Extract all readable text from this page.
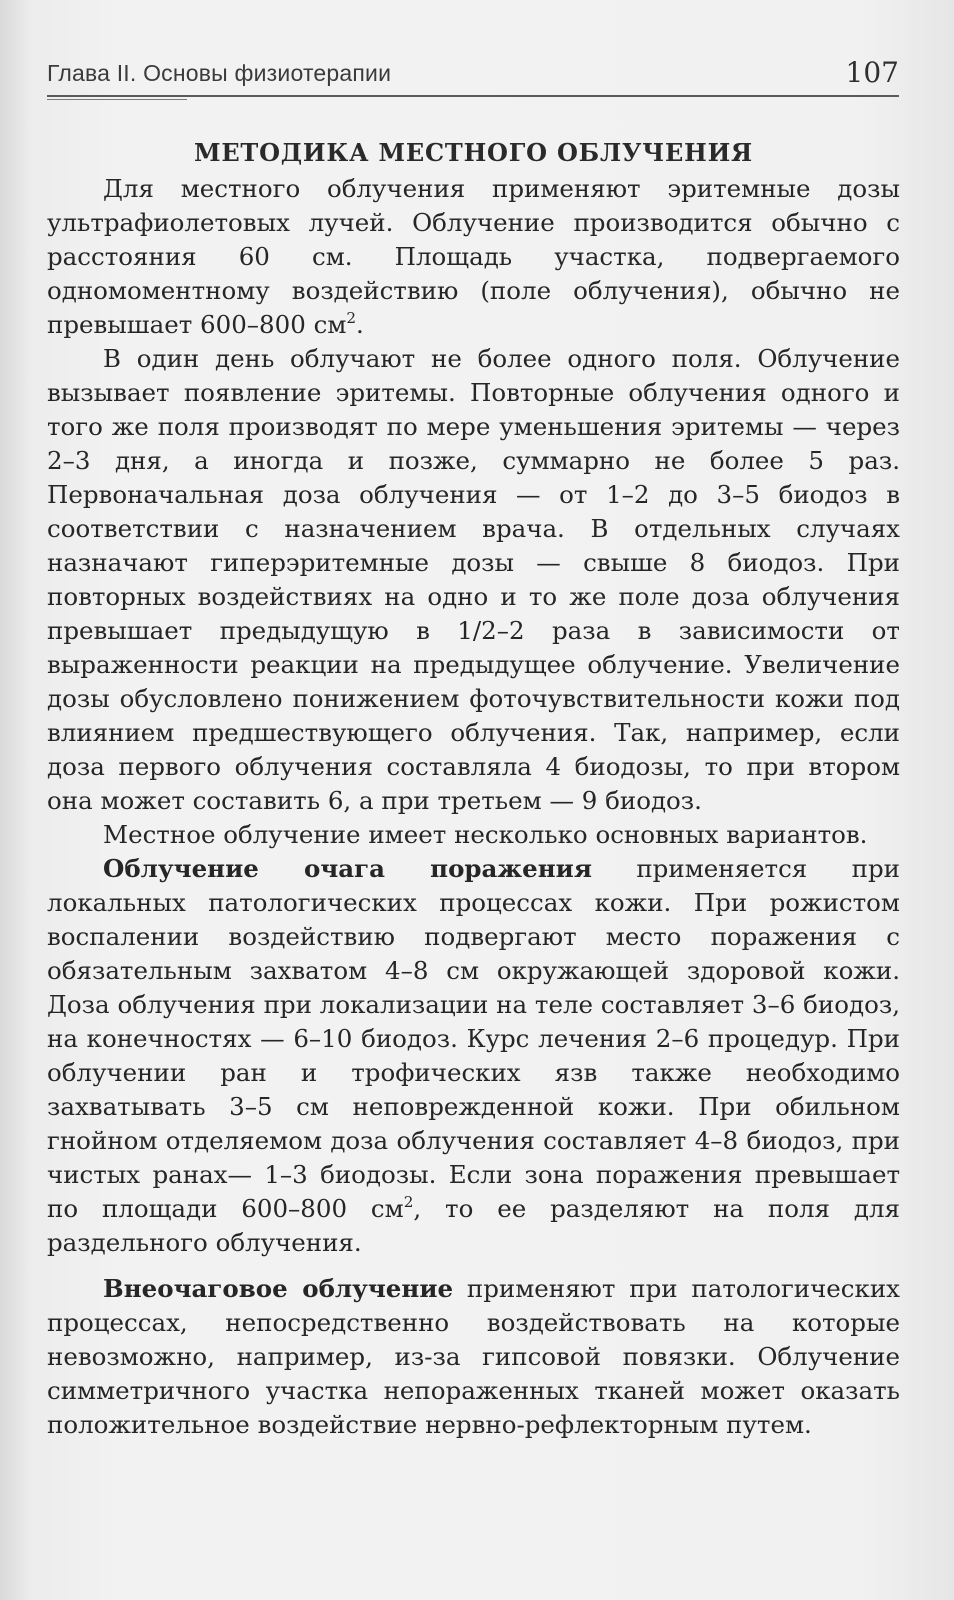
Глава II. Основы физиотерапии	107
МЕТОДИКА МЕСТНОГО ОБЛУЧЕНИЯ

Для местного облучения применяют эритемные дозы ультрафиолетовых лучей. Облучение производится обычно с расстояния 60 см. Площадь участка, подвергаемого одномоментному воздействию (поле облучения), обычно не превышает 600–800 $см^2$.

В один день облучают не более одного поля. Облучение вызывает появление эритемы. Повторные облучения одного и того же поля производят по мере уменьшения эритемы — через 2–3 дня, а иногда и позже, суммарно не более 5 раз. Первоначальная доза облучения — от 1–2 до 3–5 биодоз в соответствии с назначением врача. В отдельных случаях назначают гиперэритемные дозы — свыше 8 биодоз. При повторных воздействиях на одно и то же поле доза облучения превышает предыдущую в 1/2–2 раза в зависимости от выраженности реакции на предыдущее облучение. Увеличение дозы обусловлено понижением фоточувствительности кожи под влиянием предшествующего облучения. Так, например, если доза первого облучения составляла 4 биодозы, то при втором она может составить 6, а при третьем — 9 биодоз.

Местное облучение имеет несколько основных вариантов.

Облучение очага поражения применяется при локальных патологических процессах кожи. При рожистом воспалении воздействию подвергают место поражения с обязательным захватом 4–8 см окружающей здоровой кожи. Доза облучения при локализации на теле составляет 3–6 биодоз, на конечностях — 6–10 биодоз. Курс лечения 2–6 процедур. При облучении ран и трофических язв также необходимо захватывать 3–5 см неповрежденной кожи. При обильном гнойном отделяемом доза облучения составляет 4–8 биодоз, при чистых ранах— 1–3 биодозы. Если зона поражения превышает по площади 600–800 $см^2$, то ее разделяют на поля для раздельного облучения.

Внеочаговое облучение применяют при патологических процессах, непосредственно воздействовать на которые невозможно, например, из-за гипсовой повязки. Облучение симметричного участка непораженных тканей может оказать положительное воздействие нервно-рефлекторным путем.
